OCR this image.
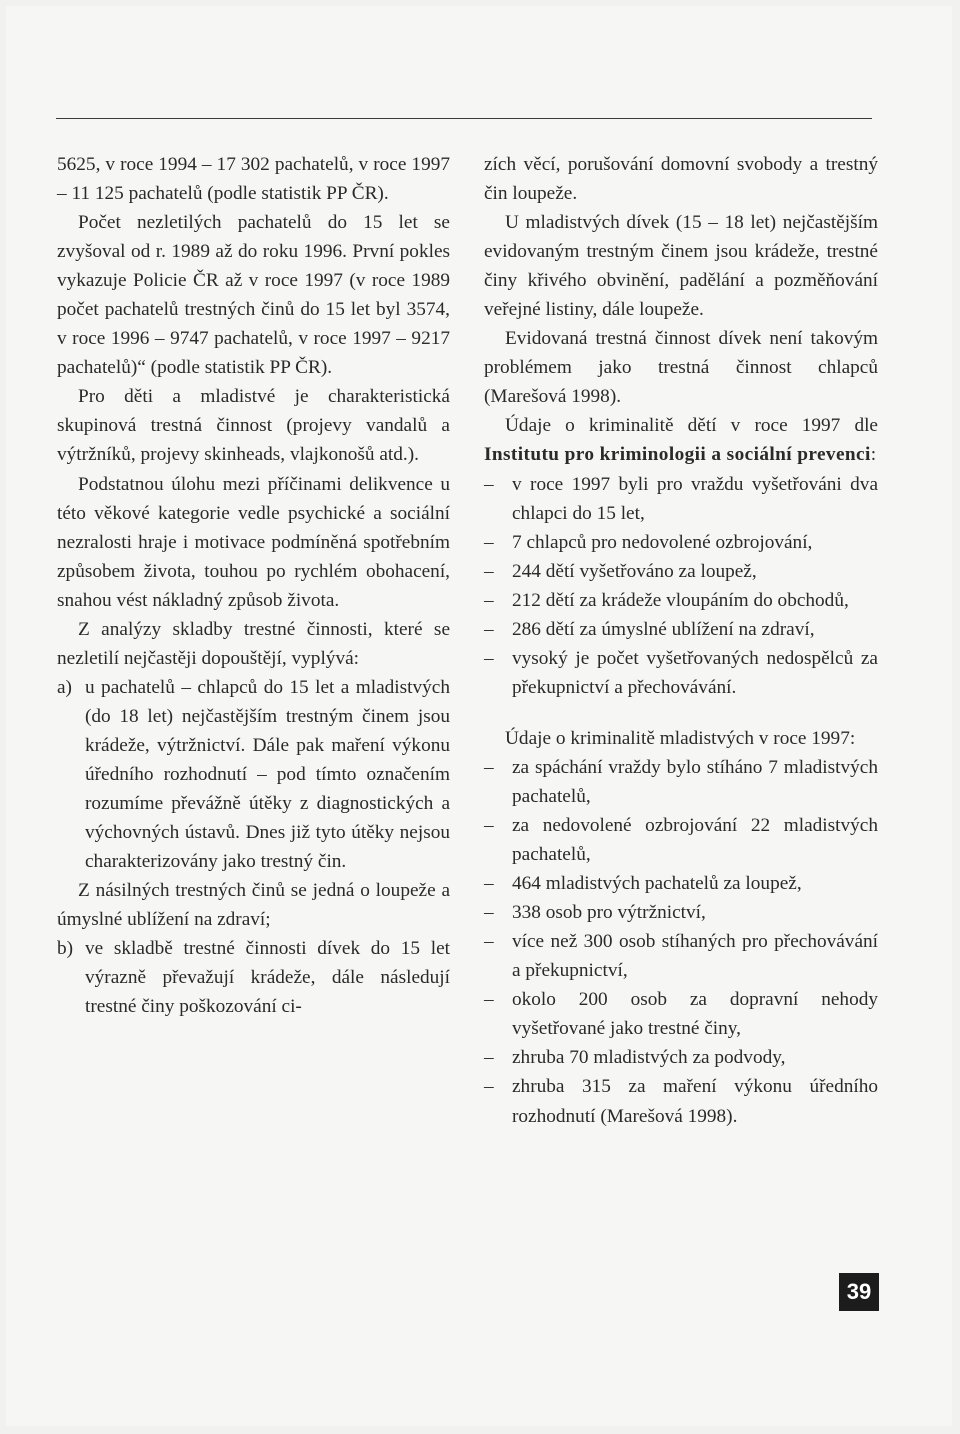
5625, v roce 1994 – 17 302 pachatelů, v roce 1997 – 11 125 pachatelů (podle statistik PP ČR).

Počet nezletilých pachatelů do 15 let se zvyšoval od r. 1989 až do roku 1996. První pokles vykazuje Policie ČR až v roce 1997 (v roce 1989 počet pachatelů trestných činů do 15 let byl 3574, v roce 1996 – 9747 pachatelů, v roce 1997 – 9217 pachatelů)“ (podle statistik PP ČR).

Pro děti a mladistvé je charakteristická skupinová trestná činnost (projevy vandalů a výtržníků, projevy skinheads, vlajkonošů atd.).

Podstatnou úlohu mezi příčinami delikvence u této věkové kategorie vedle psychické a sociální nezralosti hraje i motivace podmíněná spotřebním způsobem života, touhou po rychlém obohacení, snahou vést nákladný způsob života.

Z analýzy skladby trestné činnosti, které se nezletilí nejčastěji dopouštějí, vyplývá:

a) u pachatelů – chlapců do 15 let a mladistvých (do 18 let) nejčastějším trestným činem jsou krádeže, výtržnictví. Dále pak maření výkonu úředního rozhodnutí – pod tímto označením rozumíme převážně útěky z diagnostických a výchovných ústavů. Dnes již tyto útěky nejsou charakterizovány jako trestný čin.

Z násilných trestných činů se jedná o loupeže a úmyslné ublížení na zdraví;

b) ve skladbě trestné činnosti dívek do 15 let výrazně převažují krádeže, dále následují trestné činy poškozování ci-

zích věcí, porušování domovní svobody a trestný čin loupeže.

U mladistvých dívek (15 – 18 let) nejčastějším evidovaným trestným činem jsou krádeže, trestné činy křivého obvinění, padělání a pozměňování veřejné listiny, dále loupeže.

Evidovaná trestná činnost dívek není takovým problémem jako trestná činnost chlapců (Marešová 1998).

Údaje o kriminalitě dětí v roce 1997 dle Institutu pro kriminologii a sociální prevenci:

– v roce 1997 byli pro vraždu vyšetřováni dva chlapci do 15 let,
– 7 chlapců pro nedovolené ozbrojování,
– 244 dětí vyšetřováno za loupež,
– 212 dětí za krádeže vloupáním do obchodů,
– 286 dětí za úmyslné ublížení na zdraví,
– vysoký je počet vyšetřovaných nedospělců za překupnictví a přechovávání.

Údaje o kriminalitě mladistvých v roce 1997:

– za spáchání vraždy bylo stíháno 7 mladistvých pachatelů,
– za nedovolené ozbrojování 22 mladistvých pachatelů,
– 464 mladistvých pachatelů za loupež,
– 338 osob pro výtržnictví,
– více než 300 osob stíhaných pro přechovávání a překupnictví,
– okolo 200 osob za dopravní nehody vyšetřované jako trestné činy,
– zhruba 70 mladistvých za podvody,
– zhruba 315 za maření výkonu úředního rozhodnutí (Marešová 1998).
39
